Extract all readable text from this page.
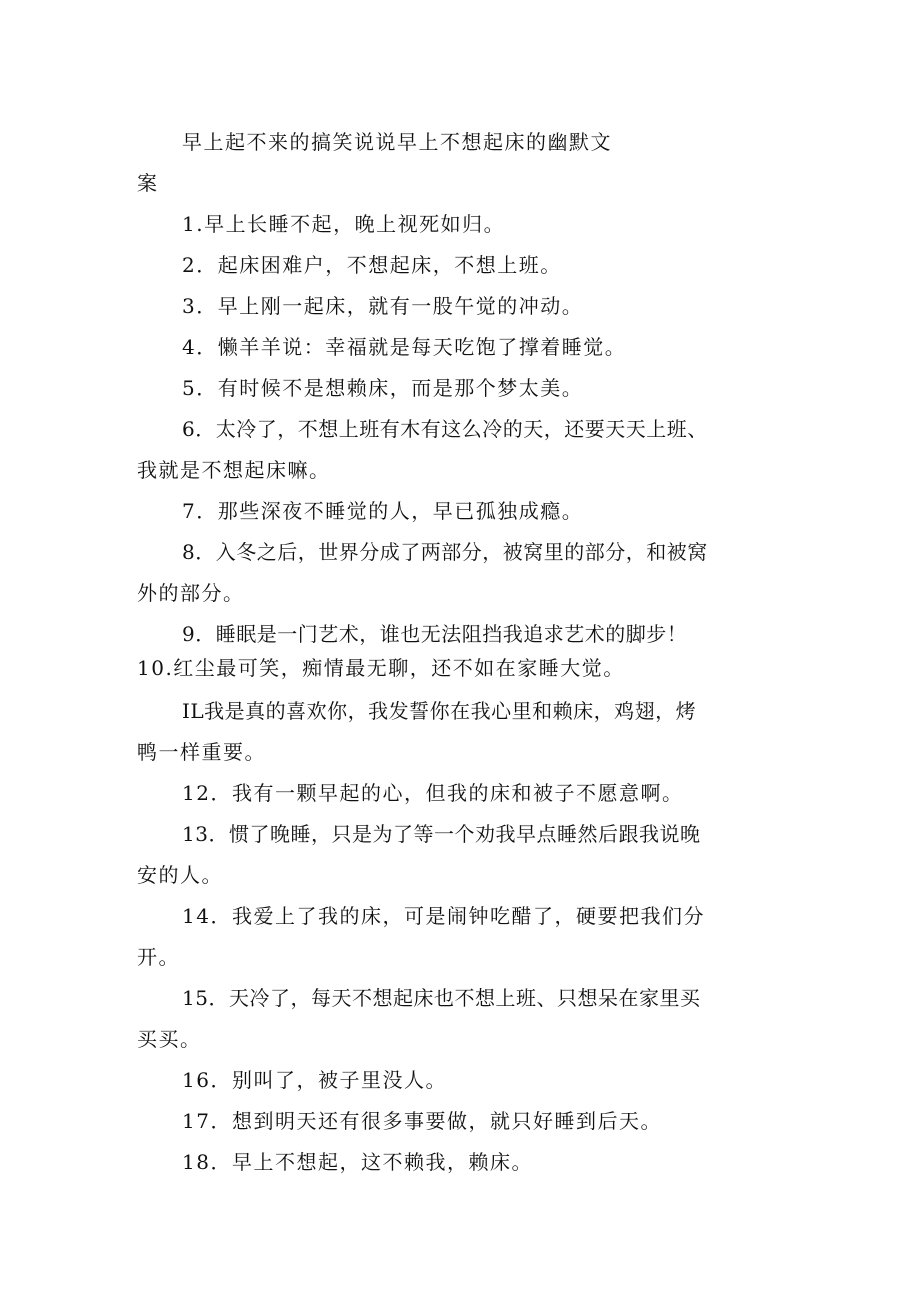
早上起不来的搞笑说说早上不想起床的幽默文
案
1.早上长睡不起，晚上视死如归。
2．起床困难户，不想起床，不想上班。
3．早上刚一起床，就有一股午觉的冲动。
4．懒羊羊说：幸福就是每天吃饱了撑着睡觉。
5．有时候不是想赖床，而是那个梦太美。
6．太冷了，不想上班有木有这么冷的天，还要天天上班、
我就是不想起床嘛。
7．那些深夜不睡觉的人，早已孤独成瘾。
8．入冬之后，世界分成了两部分，被窝里的部分，和被窝
外的部分。
9．睡眠是一门艺术，谁也无法阻挡我追求艺术的脚步！
10.红尘最可笑，痴情最无聊，还不如在家睡大觉。
IL我是真的喜欢你，我发誓你在我心里和赖床，鸡翅，烤
鸭一样重要。
12．我有一颗早起的心，但我的床和被子不愿意啊。
13．惯了晚睡，只是为了等一个劝我早点睡然后跟我说晚
安的人。
14．我爱上了我的床，可是闹钟吃醋了，硬要把我们分
开。
15．天冷了，每天不想起床也不想上班、只想呆在家里买
买买。
16．别叫了，被子里没人。
17．想到明天还有很多事要做，就只好睡到后天。
18．早上不想起，这不赖我，赖床。
